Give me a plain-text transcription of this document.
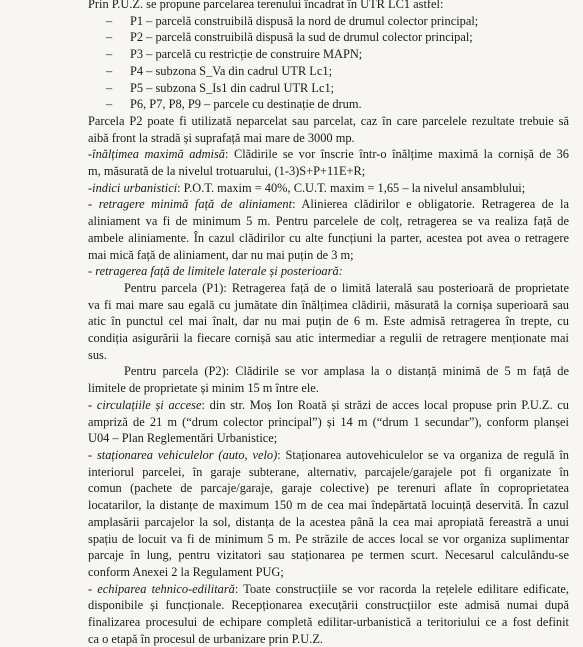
Prin P.U.Z. se propune parcelarea terenului încadrat în UTR LC1 astfel:
–	P1 – parcelă construibilă dispusă la nord de drumul colector principal;
–	P2 – parcelă construibilă dispusă la sud de drumul colector principal;
–	P3 – parcelă cu restricție de construire MAPN;
–	P4 – subzona S_Va din cadrul UTR Lc1;
–	P5 – subzona S_Is1 din cadrul UTR Lc1;
–	P6, P7, P8, P9 – parcele cu destinație de drum.
Parcela P2 poate fi utilizată neparcelat sau parcelat, caz în care parcelele rezultate trebuie să
aibă front la stradă și suprafață mai mare de 3000 mp.
-înălțimea maximă admisă: Clădirile se vor înscrie într-o înălțime maximă la cornișă de 36
m, măsurată de la nivelul trotuarului, (1-3)S+P+11E+R;
-indici urbanistici: P.O.T. maxim = 40%, C.U.T. maxim = 1,65 – la nivelul ansamblului;
- retragere minimă față de aliniament: Alinierea clădirilor e obligatorie. Retragerea de la
aliniament va fi de minimum 5 m. Pentru parcelele de colț, retragerea se va realiza față de
ambele aliniamente. În cazul clădirilor cu alte funcțiuni la parter, acestea pot avea o retragere
mai mică față de aliniament, dar nu mai puțin de 3 m;
- retragerea față de limitele laterale și posterioară:
Pentru parcela (P1): Retragerea față de o limită laterală sau posterioară de proprietate
va fi mai mare sau egală cu jumătate din înălțimea clădirii, măsurată la cornișa superioară sau
atic în punctul cel mai înalt, dar nu mai puțin de 6 m. Este admisă retragerea în trepte, cu
condiția asigurării la fiecare cornișă sau atic intermediar a regulii de retragere menționate mai
sus.
Pentru parcela (P2): Clădirile se vor amplasa la o distanță minimă de 5 m față de
limitele de proprietate și minim 15 m între ele.
- circulațiile și accese: din str. Moș Ion Roată și străzi de acces local propuse prin P.U.Z. cu
ampriză de 21 m (“drum colector principal”) și 14 m (“drum 1 secundar”), conform planșei
U04 – Plan Reglementări Urbanistice;
- staționarea vehiculelor (auto, velo): Staționarea autovehiculelor se va organiza de regulă în
interiorul parcelei, în garaje subterane, alternativ, parcajele/garajele pot fi organizate în
comun (pachete de parcaje/garaje, garaje colective) pe terenuri aflate în coproprietatea
locatarilor, la distanțe de maximum 150 m de cea mai îndepărtată locuință deservită. În cazul
amplasării parcajelor la sol, distanța de la acestea până la cea mai apropiată fereastră a unui
spațiu de locuit va fi de minimum 5 m. Pe străzile de acces local se vor organiza suplimentar
parcaje în lung, pentru vizitatori sau staționarea pe termen scurt. Necesarul calculându-se
conform Anexei 2 la Regulament PUG;
- echiparea tehnico-edilitară: Toate construcțiile se vor racorda la rețelele edilitare edificate,
disponibile și funcționale. Recepționarea execuțării construcțiilor este admisă numai după
finalizarea procesului de echipare completă edilitar-urbanistică a teritoriului ce a fost definit
ca o etapă în procesul de urbanizare prin P.U.Z.
